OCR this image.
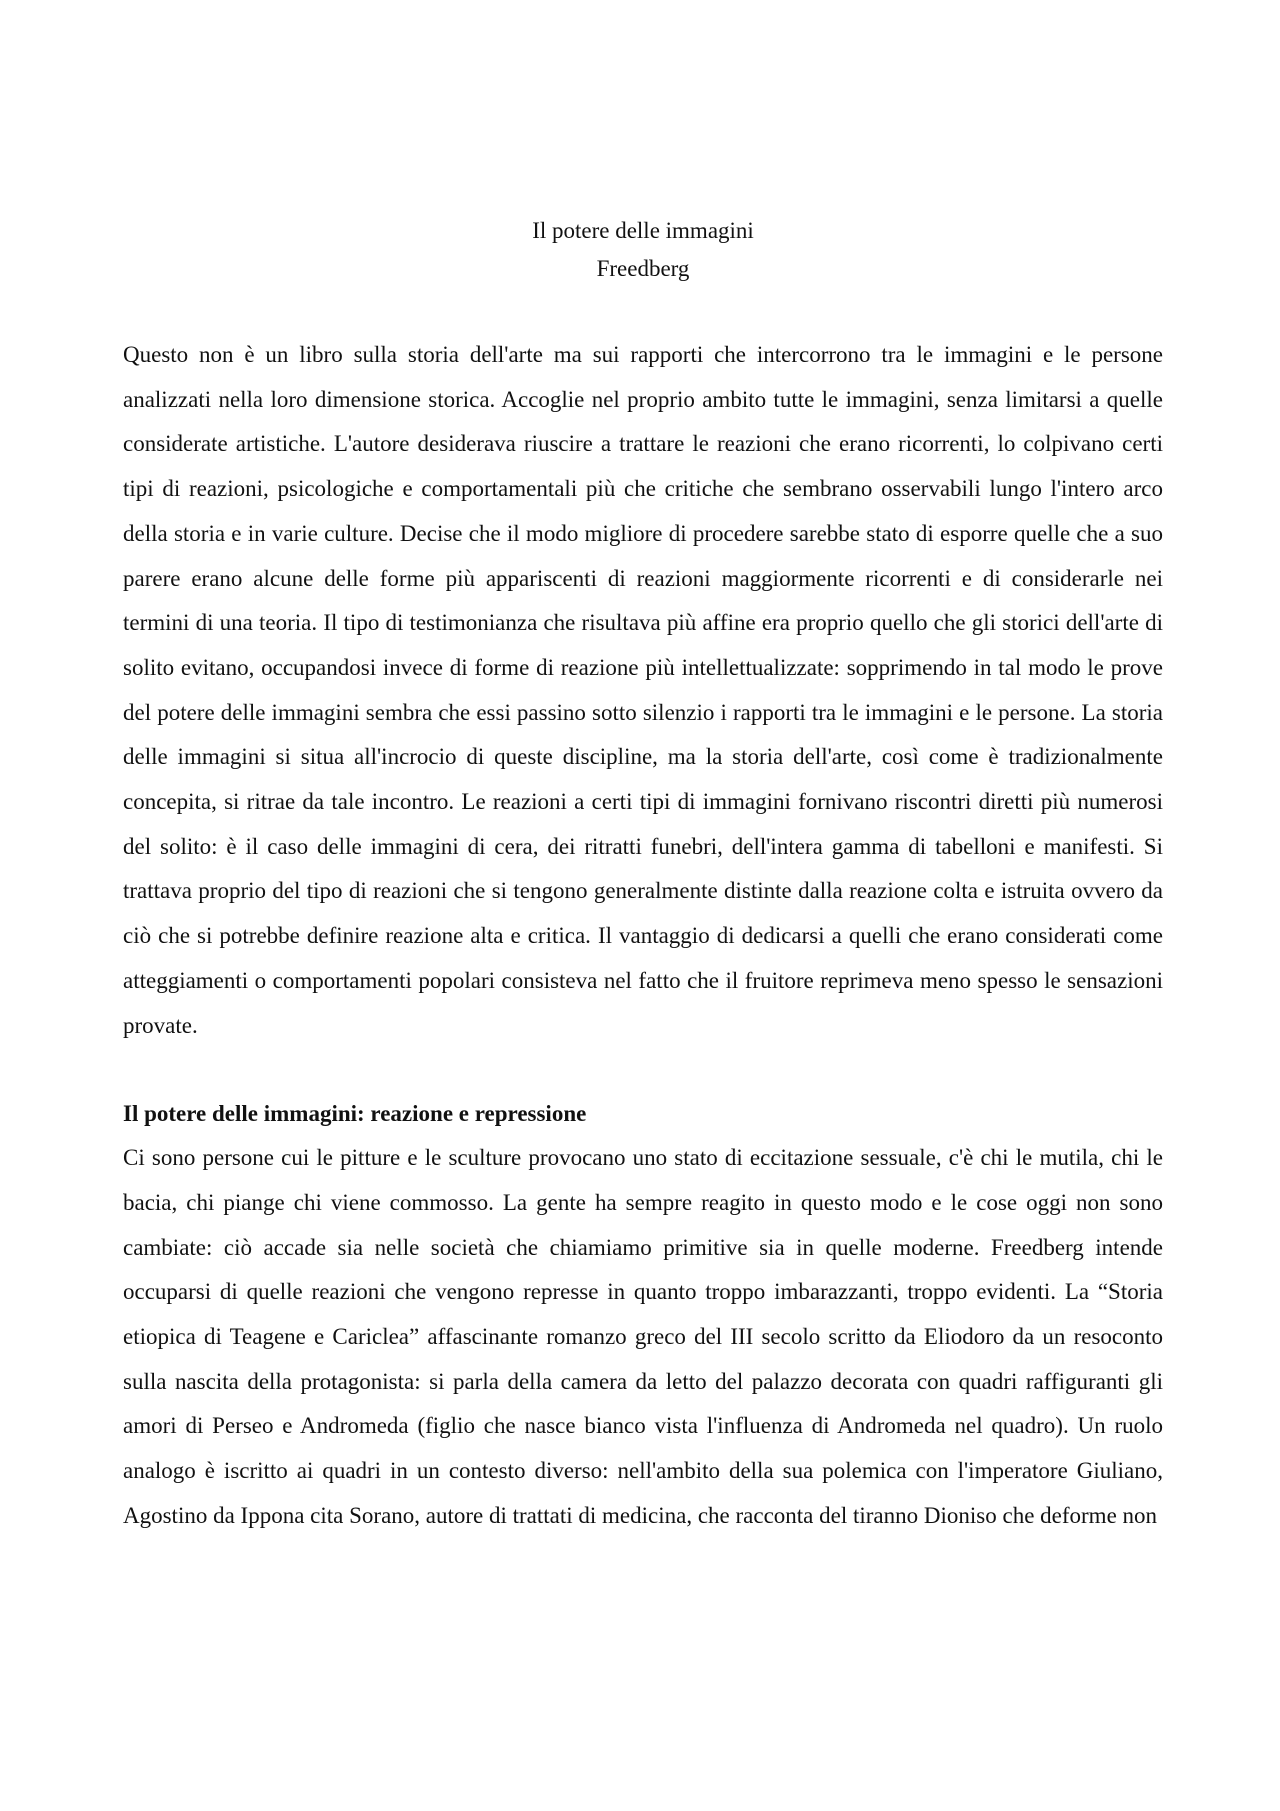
Il potere delle immagini

Freedberg

Questo non è un libro sulla storia dell'arte ma sui rapporti che intercorrono tra le immagini e le persone analizzati nella loro dimensione storica. Accoglie nel proprio ambito tutte le immagini, senza limitarsi a quelle considerate artistiche. L'autore desiderava riuscire a trattare le reazioni che erano ricorrenti, lo colpivano certi tipi di reazioni, psicologiche e comportamentali più che critiche che sembrano osservabili lungo l'intero arco della storia e in varie culture. Decise che il modo migliore di procedere sarebbe stato di esporre quelle che a suo parere erano alcune delle forme più appariscenti di reazioni maggiormente ricorrenti e di considerarle nei termini di una teoria. Il tipo di testimonianza che risultava più affine era proprio quello che gli storici dell'arte di solito evitano, occupandosi invece di forme di reazione più intellettualizzate: sopprimendo in tal modo le prove del potere delle immagini sembra che essi passino sotto silenzio i rapporti tra le immagini e le persone. La storia delle immagini si situa all'incrocio di queste discipline, ma la storia dell'arte, così come è tradizionalmente concepita, si ritrae da tale incontro. Le reazioni a certi tipi di immagini fornivano riscontri diretti più numerosi del solito: è il caso delle immagini di cera, dei ritratti funebri, dell'intera gamma di tabelloni e manifesti. Si trattava proprio del tipo di reazioni che si tengono generalmente distinte dalla reazione colta e istruita ovvero da ciò che si potrebbe definire reazione alta e critica. Il vantaggio di dedicarsi a quelli che erano considerati come atteggiamenti o comportamenti popolari consisteva nel fatto che il fruitore reprimeva meno spesso le sensazioni provate.

Il potere delle immagini: reazione e repressione

Ci sono persone cui le pitture e le sculture provocano uno stato di eccitazione sessuale, c'è chi le mutila, chi le bacia, chi piange chi viene commosso. La gente ha sempre reagito in questo modo e le cose oggi non sono cambiate: ciò accade sia nelle società che chiamiamo primitive sia in quelle moderne. Freedberg intende occuparsi di quelle reazioni che vengono represse in quanto troppo imbarazzanti, troppo evidenti. La “Storia etiopica di Teagene e Cariclea” affascinante romanzo greco del III secolo scritto da Eliodoro da un resoconto sulla nascita della protagonista: si parla della camera da letto del palazzo decorata con quadri raffiguranti gli amori di Perseo e Andromeda (figlio che nasce bianco vista l'influenza di Andromeda nel quadro). Un ruolo analogo è iscritto ai quadri in un contesto diverso: nell'ambito della sua polemica con l'imperatore Giuliano, Agostino da Ippona cita Sorano, autore di trattati di medicina, che racconta del tiranno Dioniso che deforme non
